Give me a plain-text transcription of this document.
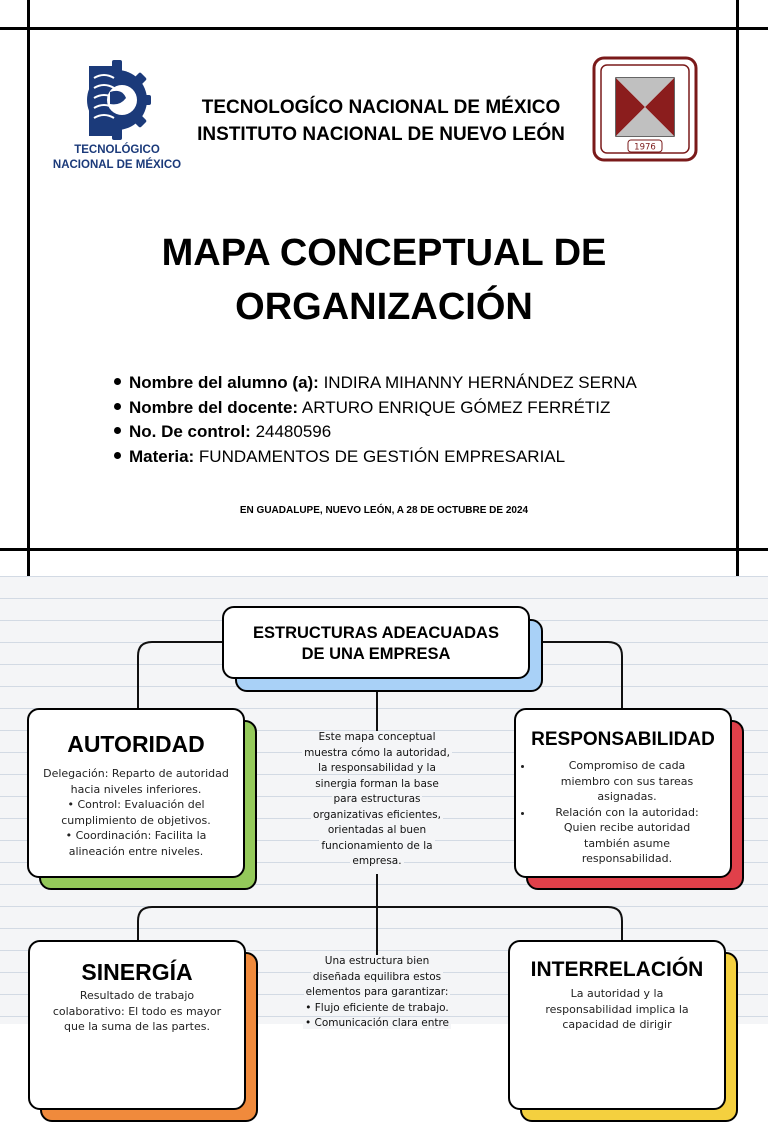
TECNOLÓGICO
NACIONAL DE MÉXICO
1976
TECNOLOGÍCO NACIONAL DE MÉXICO
INSTITUTO NACIONAL DE NUEVO LEÓN
MAPA CONCEPTUAL DE
ORGANIZACIÓN
Nombre del alumno (a): INDIRA MIHANNY HERNÁNDEZ SERNA
Nombre del docente: ARTURO ENRIQUE GÓMEZ FERRÉTIZ
No. De control: 24480596
Materia: FUNDAMENTOS DE GESTIÓN EMPRESARIAL
EN GUADALUPE, NUEVO LEÓN, A 28 DE OCTUBRE DE 2024
ESTRUCTURAS ADEACUADAS
DE UNA EMPRESA
AUTORIDAD
Delegación: Reparto de autoridad
hacia niveles inferiores.
• Control: Evaluación del
cumplimiento de objetivos.
• Coordinación: Facilita la
alineación entre niveles.
Este mapa conceptual
muestra cómo la autoridad,
la responsabilidad y la
sinergia forman la base
para estructuras
organizativas eficientes,
orientadas al buen
funcionamiento de la
empresa.
RESPONSABILIDAD
• Compromiso de cada
miembro con sus tareas
asignadas.
• Relación con la autoridad:
Quien recibe autoridad
también asume
responsabilidad.
SINERGÍA
Resultado de trabajo
colaborativo: El todo es mayor
que la suma de las partes.
Una estructura bien
diseñada equilibra estos
elementos para garantizar:
• Flujo eficiente de trabajo.
• Comunicación clara entre
INTERRELACIÓN
La autoridad y la
responsabilidad implica la
capacidad de dirigir
